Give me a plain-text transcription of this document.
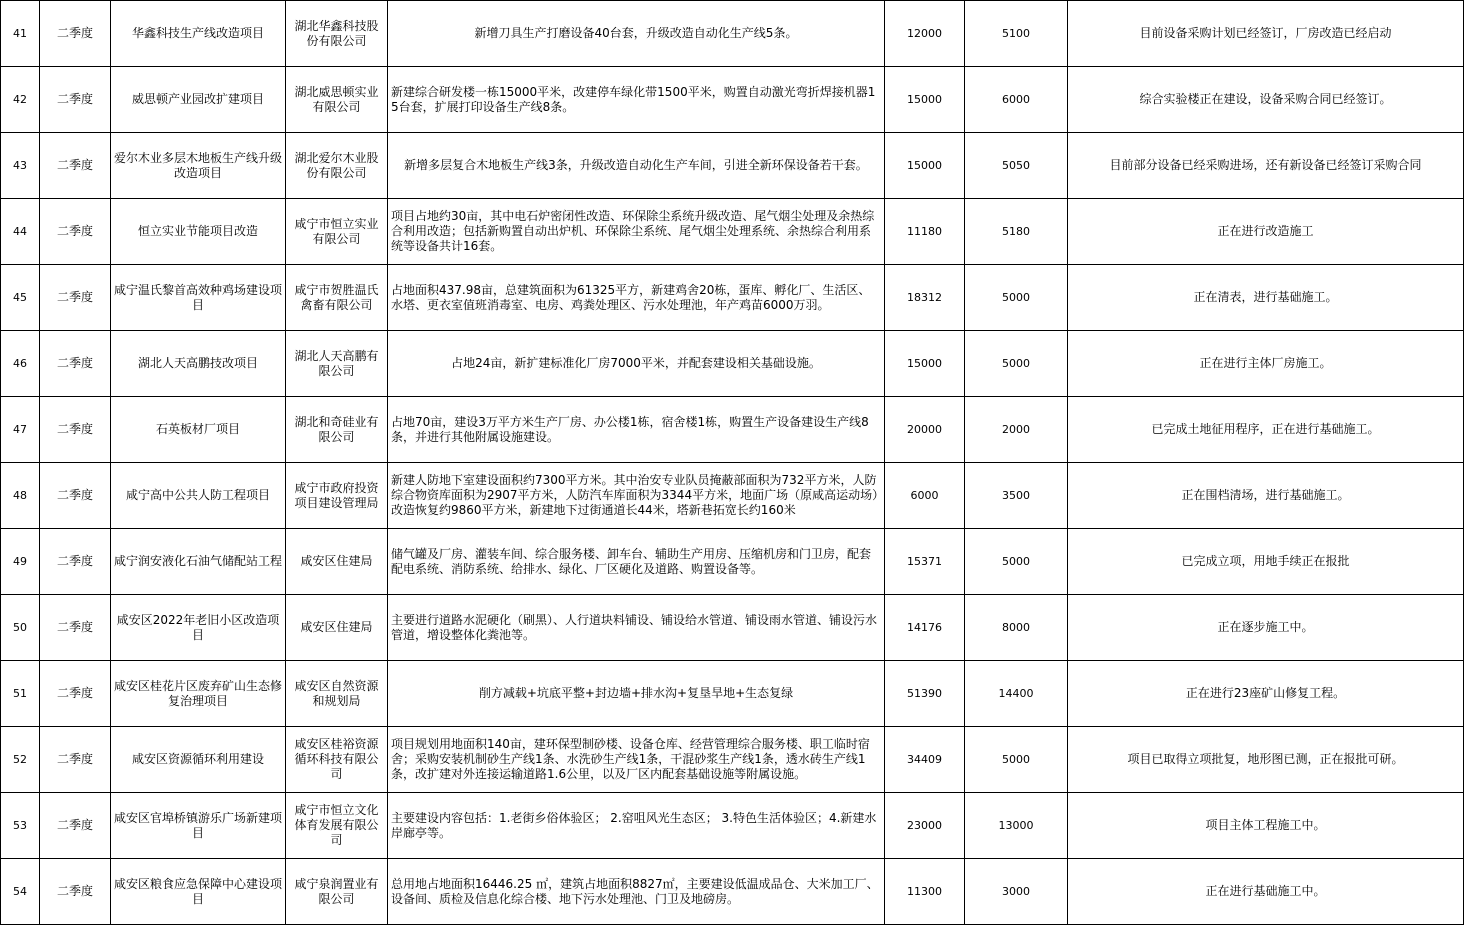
41	二季度	华鑫科技生产线改造项目	湖北华鑫科技股份有限公司	新增刀具生产打磨设备40台套，升级改造自动化生产线5条。	12000	5100	目前设备采购计划已经签订，厂房改造已经启动
42	二季度	威思顿产业园改扩建项目	湖北威思顿实业有限公司	新建综合研发楼一栋15000平米，改建停车绿化带1500平米，购置自动激光弯折焊接机器15台套，扩展打印设备生产线8条。	15000	6000	综合实验楼正在建设，设备采购合同已经签订。
43	二季度	爱尔木业多层木地板生产线升级改造项目	湖北爱尔木业股份有限公司	新增多层复合木地板生产线3条，升级改造自动化生产车间，引进全新环保设备若干套。	15000	5050	目前部分设备已经采购进场，还有新设备已经签订采购合同
44	二季度	恒立实业节能项目改造	咸宁市恒立实业有限公司	项目占地约30亩，其中电石炉密闭性改造、环保除尘系统升级改造、尾气烟尘处理及余热综合利用改造；包括新购置自动出炉机、环保除尘系统、尾气烟尘处理系统、余热综合利用系统等设备共计16套。	11180	5180	正在进行改造施工
45	二季度	咸宁温氏黎首高效种鸡场建设项目	咸宁市贺胜温氏禽畜有限公司	占地面积437.98亩，总建筑面积为61325平方，新建鸡舍20栋，蛋库、孵化厂、生活区、水塔、更衣室值班消毒室、电房、鸡粪处理区、污水处理池，年产鸡苗6000万羽。	18312	5000	正在清表，进行基础施工。
46	二季度	湖北人天高鹏技改项目	湖北人天高鹏有限公司	占地24亩，新扩建标准化厂房7000平米，并配套建设相关基础设施。	15000	5000	正在进行主体厂房施工。
47	二季度	石英板材厂项目	湖北和奇硅业有限公司	占地70亩，建设3万平方米生产厂房、办公楼1栋，宿舍楼1栋，购置生产设备建设生产线8条，并进行其他附属设施建设。	20000	2000	已完成土地征用程序，正在进行基础施工。
48	二季度	咸宁高中公共人防工程项目	咸宁市政府投资项目建设管理局	新建人防地下室建设面积约7300平方米。其中治安专业队员掩蔽部面积为732平方米，人防综合物资库面积为2907平方米，人防汽车库面积为3344平方米，地面广场（原咸高运动场）改造恢复约9860平方米，新建地下过街通道长44米，塔新巷拓宽长约160米	6000	3500	正在围档清场，进行基础施工。
49	二季度	咸宁润安液化石油气储配站工程	咸安区住建局	储气罐及厂房、灌装车间、综合服务楼、卸车台、辅助生产用房、压缩机房和门卫房，配套配电系统、消防系统、给排水、绿化、厂区硬化及道路、购置设备等。	15371	5000	已完成立项，用地手续正在报批
50	二季度	咸安区2022年老旧小区改造项目	咸安区住建局	主要进行道路水泥硬化（刷黑）、人行道块料铺设、铺设给水管道、铺设雨水管道、铺设污水管道，增设整体化粪池等。	14176	8000	正在逐步施工中。
51	二季度	咸安区桂花片区废弃矿山生态修复治理项目	咸安区自然资源和规划局	削方减载+坑底平整+封边墙+排水沟+复垦旱地+生态复绿	51390	14400	正在进行23座矿山修复工程。
52	二季度	咸安区资源循环利用建设	咸安区桂裕资源循环科技有限公司	项目规划用地面积140亩，建环保型制砂楼、设备仓库、经营管理综合服务楼、职工临时宿舍；采购安装机制砂生产线1条、水洗砂生产线1条，干混砂浆生产线1条，透水砖生产线1条，改扩建对外连接运输道路1.6公里，以及厂区内配套基础设施等附属设施。	34409	5000	项目已取得立项批复，地形图已测，正在报批可研。
53	二季度	咸安区官埠桥镇游乐广场新建项目	咸宁市恒立文化体育发展有限公司	主要建设内容包括：1.老街乡俗体验区； 2.窑咀风光生态区； 3.特色生活体验区；4.新建水岸廊亭等。	23000	13000	项目主体工程施工中。
54	二季度	咸安区粮食应急保障中心建设项目	咸宁泉润置业有限公司	总用地占地面积16446.25 ㎡，建筑占地面积8827㎡，主要建设低温成品仓、大米加工厂、设备间、质检及信息化综合楼、地下污水处理池、门卫及地磅房。	11300	3000	正在进行基础施工中。
